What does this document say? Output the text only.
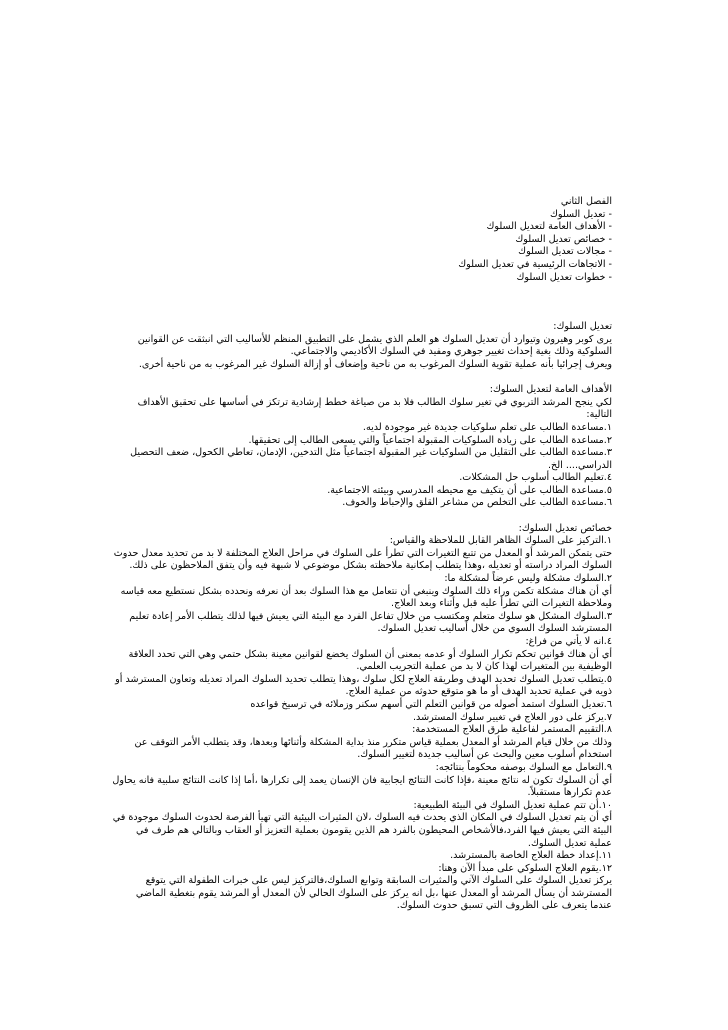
الفصل الثاني
- تعديل السلوك
- الأهداف العامة لتعديل السلوك
- خصائص تعديل السلوك
- مجالات تعديل السلوك
- الاتجاهات الرئيسية في تعديل السلوك
- خطوات تعديل السلوك
تعديل السلوك:

يرى كوبر وهيرون وتيوارد أن تعديل السلوك هو العلم الذي يشمل على التطبيق المنظم للأساليب التي انبثقت عن القوانين السلوكية وذلك بغية إحداث تغيير جوهري ومفيد في السلوك الأكاديمي والاجتماعي.

ويعرف إجرائيا بأنه عملية تقوية السلوك المرغوب به من ناحية وإضعاف أو إزالة السلوك غير المرغوب به من ناحية أخرى.

الأهداف العامة لتعديل السلوك:

لكي ينجح المرشد التربوي في تغير سلوك الطالب فلا بد من صياغة خطط إرشادية ترتكز في أساسها على تحقيق الأهداف التالية:

١.مساعدة الطالب على تعلم سلوكيات جديدة غير موجودة لديه.

٢.مساعدة الطالب على زيادة السلوكيات المقبولة اجتماعياً والتي يسعى الطالب إلى تحقيقها.

٣.مساعدة الطالب على التقليل من السلوكيات غير المقبولة اجتماعياً مثل التدخين، الإدمان، تعاطي الكحول، ضعف التحصيل الدراسي.... الخ.

٤.تعليم الطالب أسلوب حل المشكلات.

٥.مساعدة الطالب على أن يتكيف مع محيطه المدرسي وبيئته الاجتماعية.

٦.مساعدة الطالب على التخلص من مشاعر القلق والإحباط والخوف.

خصائص تعديل السلوك:

١.التركيز على السلوك الظاهر القابل للملاحظة والقياس:

حتى يتمكن المرشد أو المعدل من تتبع التغيرات التي تطرأ على السلوك في مراحل العلاج المختلفة لا بد من تحديد معدل حدوث السلوك المراد دراسته أو تعديله ،وهذا يتطلب إمكانية ملاحظته بشكل موضوعي لا شبهة فيه وأن يتفق الملاحظون على ذلك.

٢.السلوك مشكلة وليس عرضاً لمشكلة ما:

أي أن هناك مشكلة تكمن وراء ذلك السلوك وينبغي أن نتعامل مع هذا السلوك بعد أن نعرفه ونحدده بشكل نستطيع معه قياسه وملاحظة التغيرات التي تطرأ عليه قبل وأثناء وبعد العلاج.

٣.السلوك المشكل هو سلوك متعلم ومكتسب من خلال تفاعل الفرد مع البيئة التي يعيش فيها لذلك يتطلب الأمر إعادة تعليم المسترشد السلوك السوي من خلال أساليب تعديل السلوك.

٤.انه لا يأتي من فراغ:

أي أن هناك قوانين تحكم تكرار السلوك أو عدمه بمعنى أن السلوك يخضع لقوانين معينة بشكل حتمي وهي التي تحدد العلاقة الوظيفية بين المتغيرات لهذا كان لا بد من عملية التجريب العلمي.

٥.يتطلب تعديل السلوك تحديد الهدف وطريقة العلاج لكل سلوك ،وهذا يتطلب تحديد السلوك المراد تعديله وتعاون المسترشد أو ذويه في عملية تحديد الهدف أو ما هو متوقع حدوثه من عملية العلاج.

٦.تعديل السلوك استمد أصوله من قوانين التعلم التي أسهم سكنر وزملائه في ترسيخ قواعده

٧.يركز على دور العلاج في تغيير سلوك المسترشد.

٨.التقييم المستمر لفاعلية طرق العلاج المستخدمة:

وذلك من خلال قيام المرشد أو المعدل بعملية قياس متكرر منذ بداية المشكلة وأثنائها وبعدها، وقد يتطلب الأمر التوقف عن استخدام أسلوب معين والبحث عن أساليب جديدة لتغيير السلوك.

٩.التعامل مع السلوك بوصفه محكوماً بنتائجه:

أي أن السلوك تكون له نتائج معينة ،فإذا كانت النتائج ايجابية فان الإنسان يعمد إلى تكرارها ،أما إذا كانت النتائج سلبية فانه يحاول عدم تكرارها مستقبلاً.

١٠.أن تتم عملية تعديل السلوك في البيئة الطبيعية:

أي أن يتم تعديل السلوك في المكان الذي يحدث فيه السلوك ،لان المثيرات البيئية التي تهيأ الفرصة لحدوث السلوك موجودة في البيئة التي يعيش فيها الفرد،فالأشخاص المحيطون بالفرد هم الذين يقومون بعملية التعزيز أو العقاب وبالتالي هم طرف في عملية تعديل السلوك.

١١.إعداد خطة العلاج الخاصة بالمسترشد.

١٢.يقوم العلاج السلوكي على مبدأ الآن وهنا:

يركز تعديل السلوك على السلوك الآني والمثيرات السابقة وتوابع السلوك،فالتركيز ليس على خبرات الطفولة التي يتوقع المسترشد أن يسأل المرشد أو المعدل عنها ،بل انه يركز على السلوك الحالي لأن المعدل أو المرشد يقوم بتغطية الماضي عندما يتعرف على الظروف التي تسبق حدوث السلوك.
